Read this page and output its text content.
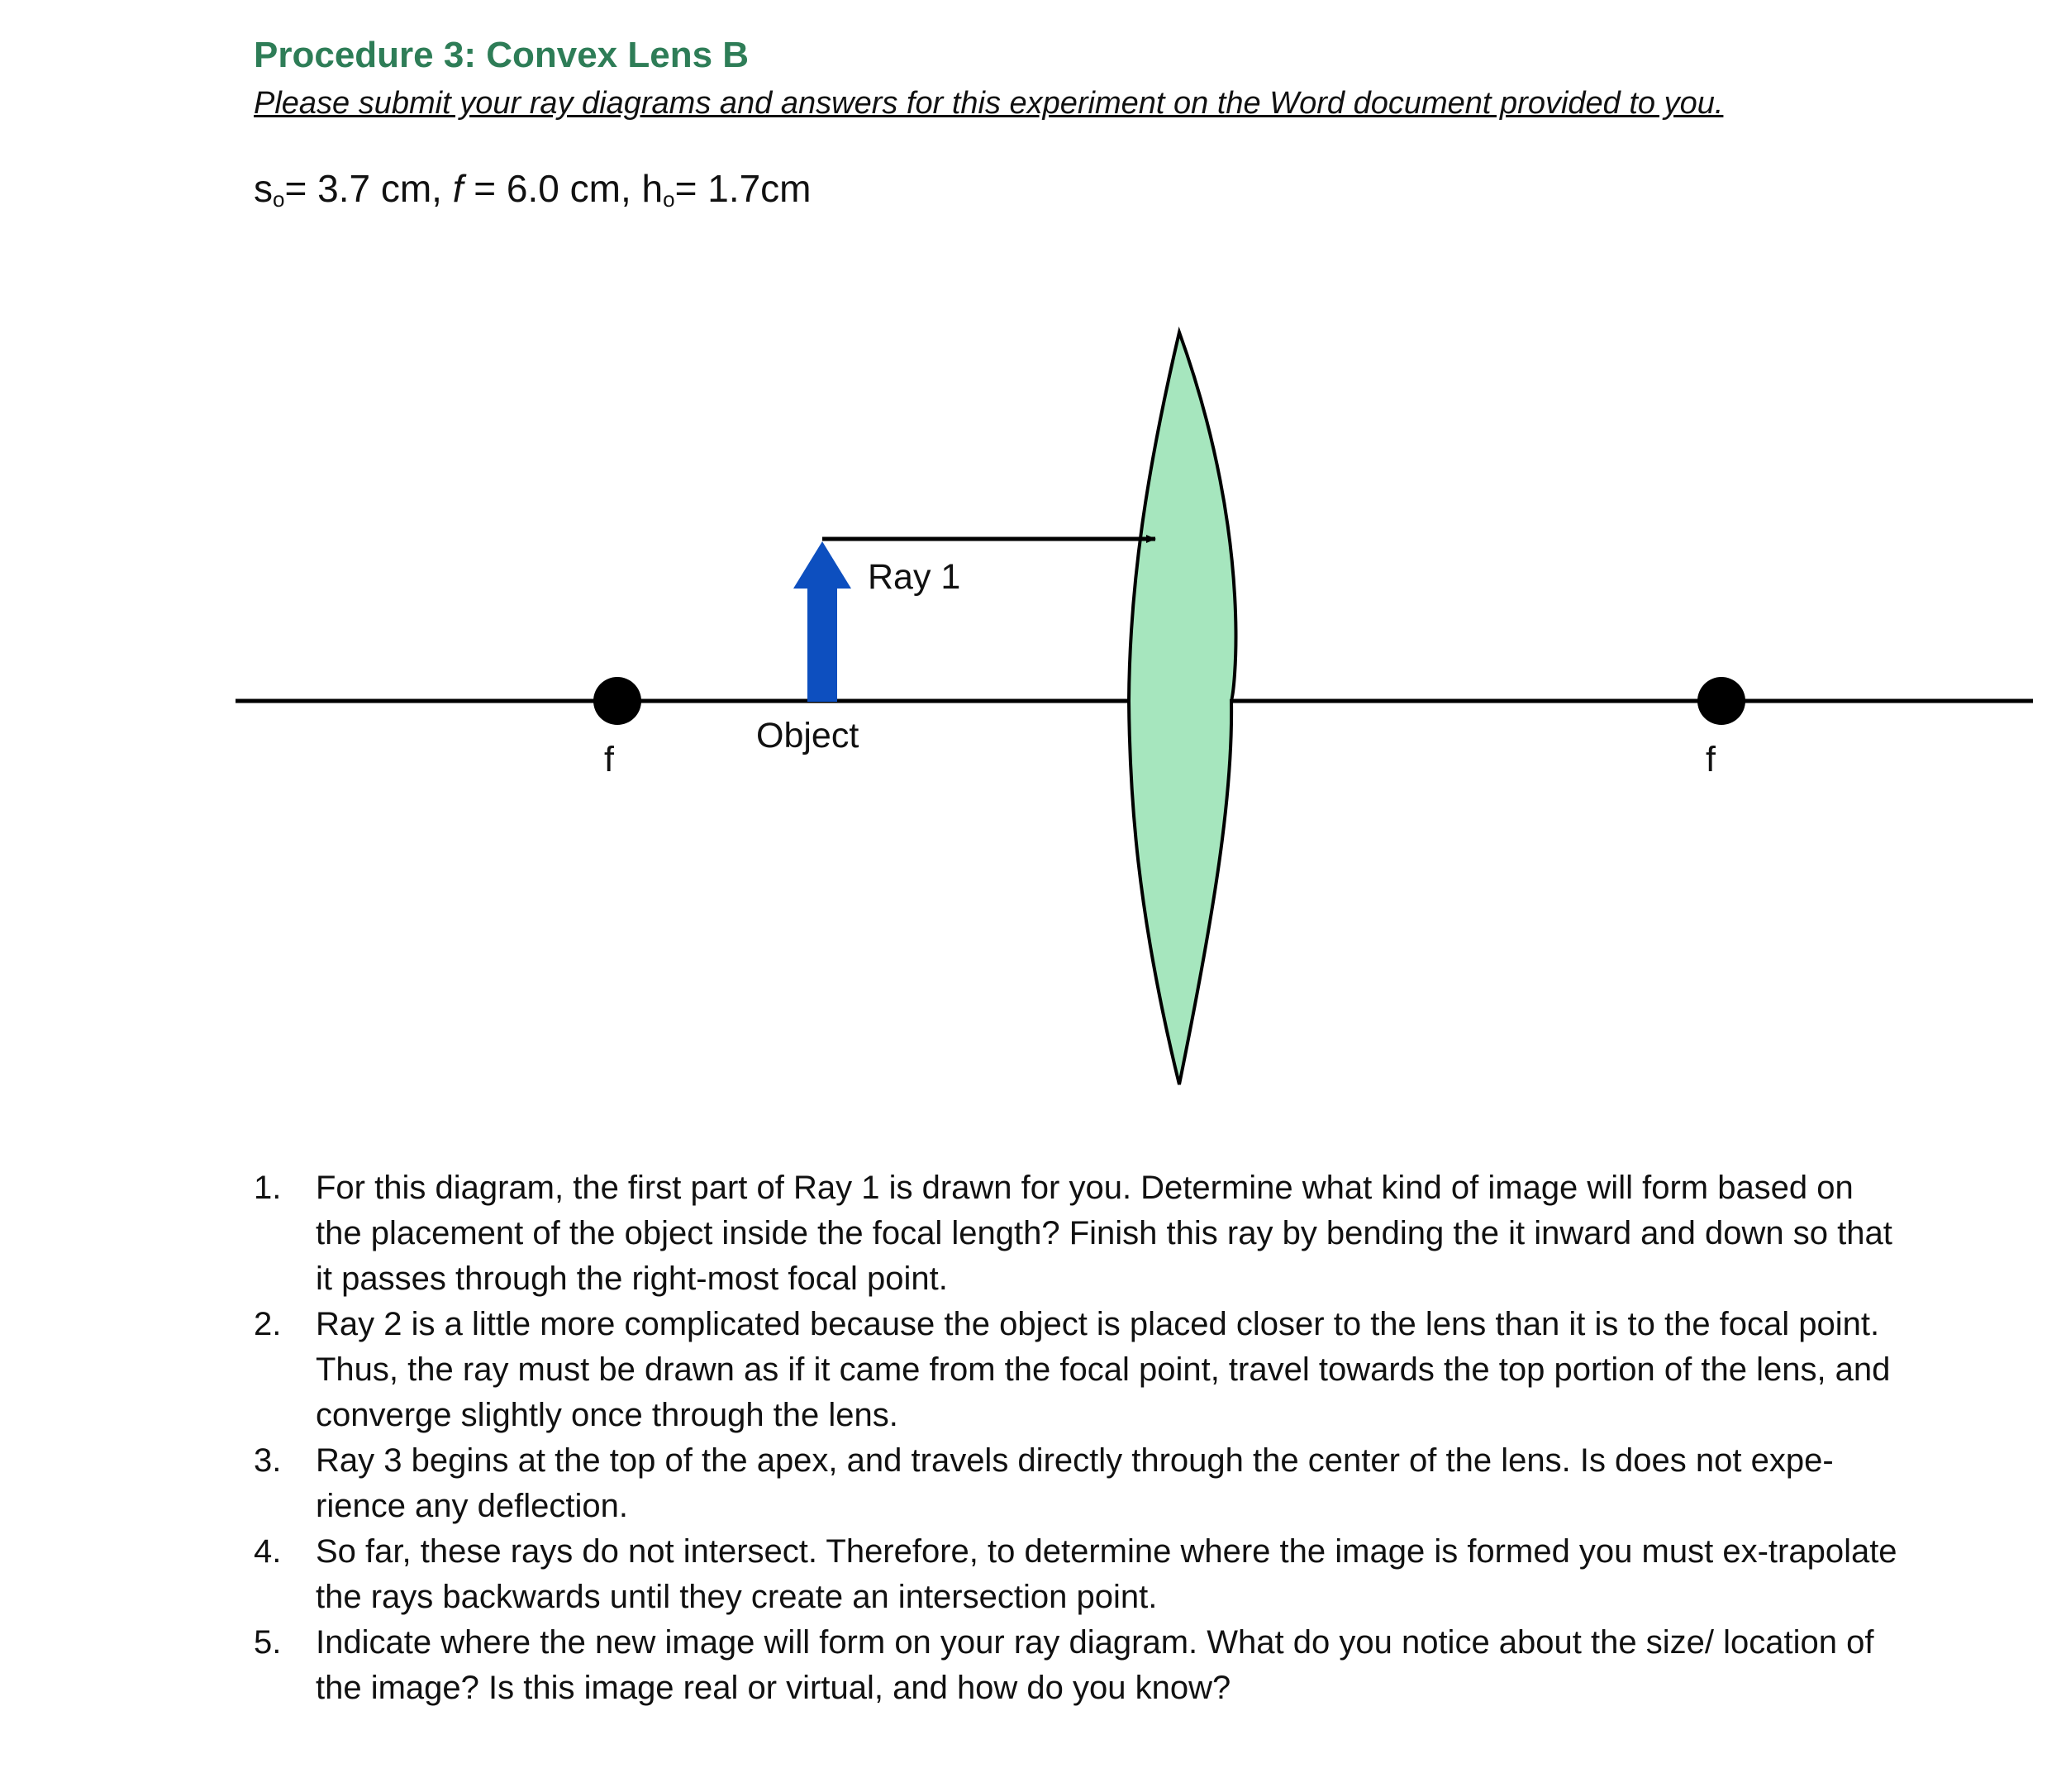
Procedure 3: Convex Lens B

Please submit your ray diagrams and answers for this experiment on the Word document provided to you.

$s_o= 3.7$ cm, f = 6.0 cm, $h_o= 1.7cm$

Ray 1
Object
f	f
1. For this diagram, the first part of Ray 1 is drawn for you. Determine what kind of image will form based on the placement of the object inside the focal length? Finish this ray by bending the it inward and down so that it passes through the right-most focal point.
2. Ray 2 is a little more complicated because the object is placed closer to the lens than it is to the focal point. Thus, the ray must be drawn as if it came from the focal point, travel towards the top portion of the lens, and converge slightly once through the lens.
3. Ray 3 begins at the top of the apex, and travels directly through the center of the lens. Is does not expe-rience any deflection.
4. So far, these rays do not intersect. Therefore, to determine where the image is formed you must ex-trapolate the rays backwards until they create an intersection point.
5. Indicate where the new image will form on your ray diagram. What do you notice about the size/ location of the image? Is this image real or virtual, and how do you know?
